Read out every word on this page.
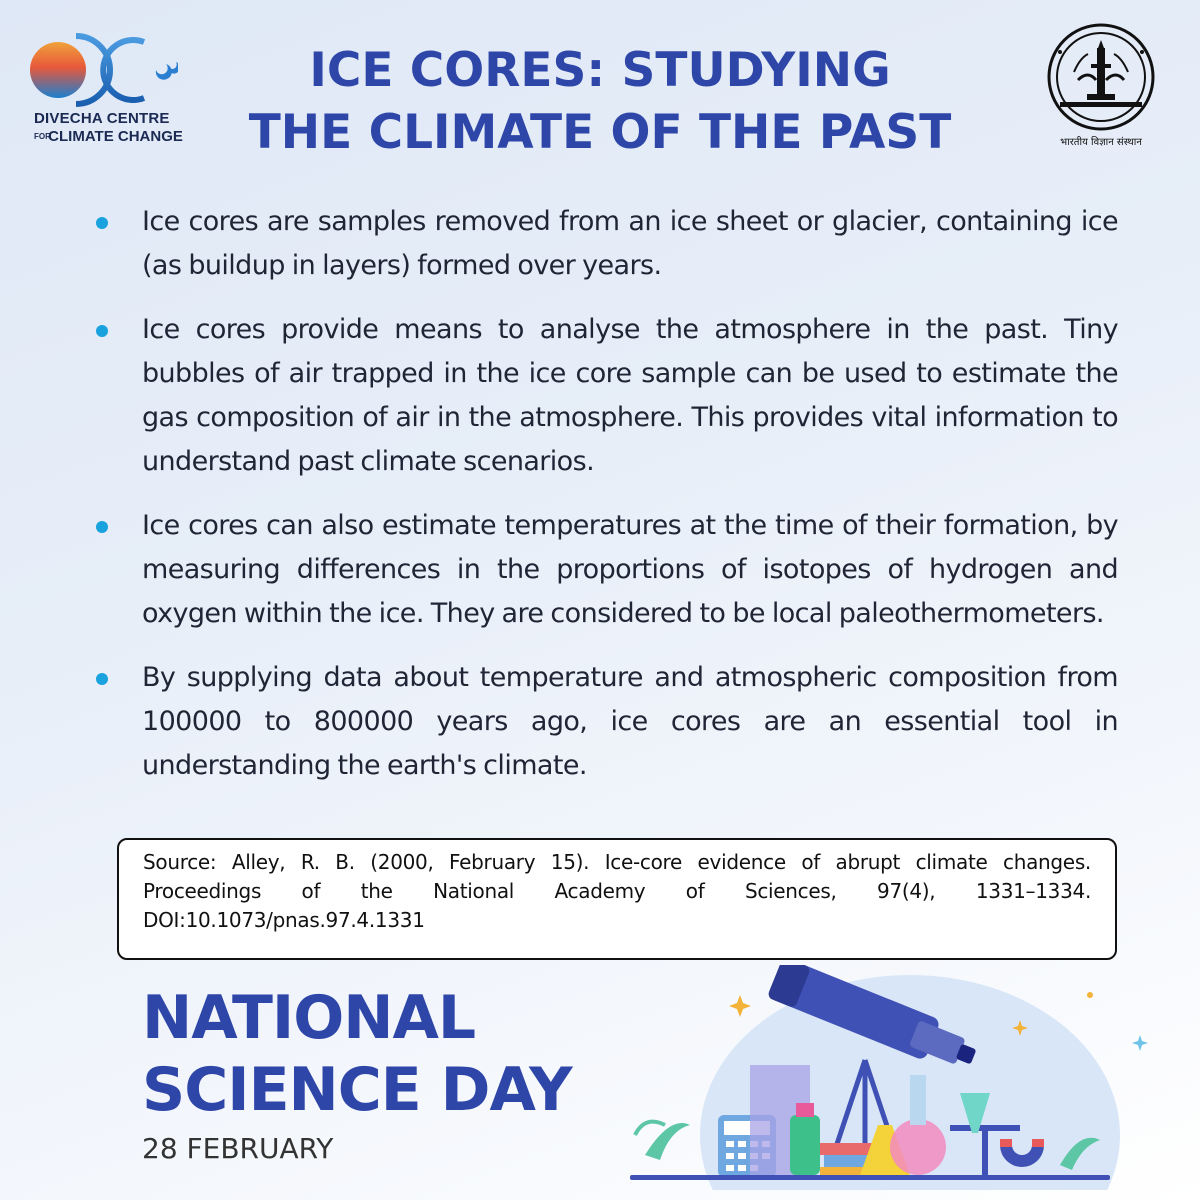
DIVECHA CENTRE
FOR CLIMATE CHANGE
ICE CORES: STUDYING
THE CLIMATE OF THE PAST	भारतीय विज्ञान संस्थान
Ice cores are samples removed from an ice sheet or glacier, containing ice (as buildup in layers) formed over years.
Ice cores provide means to analyse the atmosphere in the past. Tiny bubbles of air trapped in the ice core sample can be used to estimate the gas composition of air in the atmosphere. This provides vital information to understand past climate scenarios.
Ice cores can also estimate temperatures at the time of their formation, by measuring differences in the proportions of isotopes of hydrogen and oxygen within the ice. They are considered to be local paleothermometers.
By supplying data about temperature and atmospheric composition from 100000 to 800000 years ago, ice cores are an essential tool in understanding the earth's climate.
Source: Alley, R. B. (2000, February 15). Ice-core evidence of abrupt climate changes. Proceedings of the National Academy of Sciences, 97(4), 1331–1334. DOI:10.1073/pnas.97.4.1331
NATIONAL
SCIENCE DAY
28 FEBRUARY
